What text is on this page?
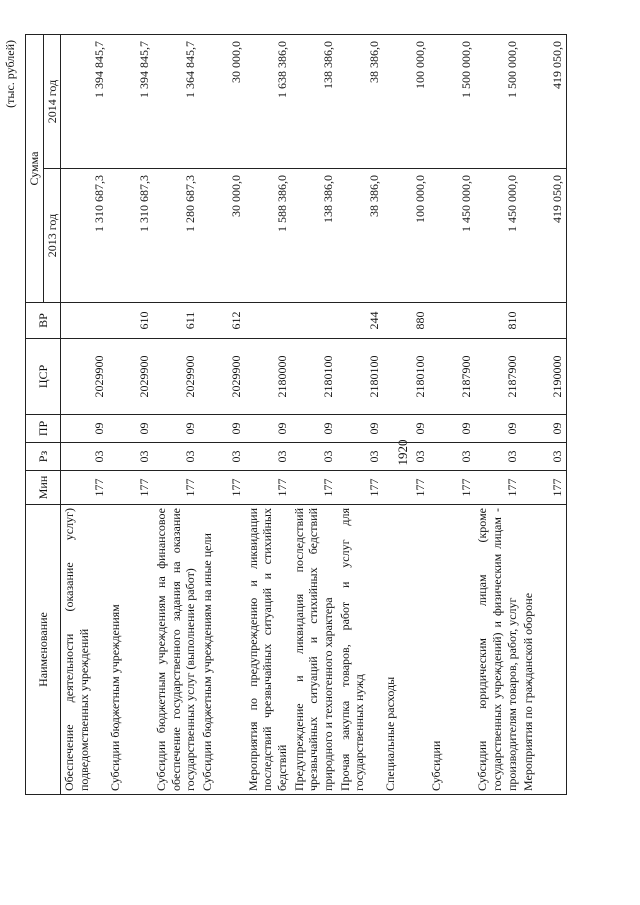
1920
(тыс. рублей)
Наименование	Мин	Рз	ПР	ЦСР	ВР	Сумма	
						2013 год	2014 год
Обеспечение деятельности (оказание услуг) подведомственных учреждений	177	03	09	2029900		1 310 687,3	1 394 845,7
Субсидии бюджетным учреждениям	177	03	09	2029900	610	1 310 687,3	1 394 845,7
Субсидии бюджетным учреждениям на финансовое обеспечение государственного задания на оказание государственных услуг (выполнение работ)	177	03	09	2029900	611	1 280 687,3	1 364 845,7
Субсидии бюджетным учреждениям на иные цели	177	03	09	2029900	612	30 000,0	30 000,0
Мероприятия по предупреждению и ликвидации последствий чрезвычайных ситуаций и стихийных бедствий	177	03	09	2180000		1 588 386,0	1 638 386,0
Предупреждение и ликвидация последствий чрезвычайных ситуаций и стихийных бедствий природного и техногенного характера	177	03	09	2180100		138 386,0	138 386,0
Прочая закупка товаров, работ и услуг для государственных нужд	177	03	09	2180100	244	38 386,0	38 386,0
Специальные расходы	177	03	09	2180100	880	100 000,0	100 000,0
Субсидии	177	03	09	2187900		1 450 000,0	1 500 000,0
Субсидии юридическим лицам (кроме государственных учреждений) и физическим лицам - производителям товаров, работ, услуг	177	03	09	2187900	810	1 450 000,0	1 500 000,0
Мероприятия по гражданской обороне	177	03	09	2190000		419 050,0	419 050,0
